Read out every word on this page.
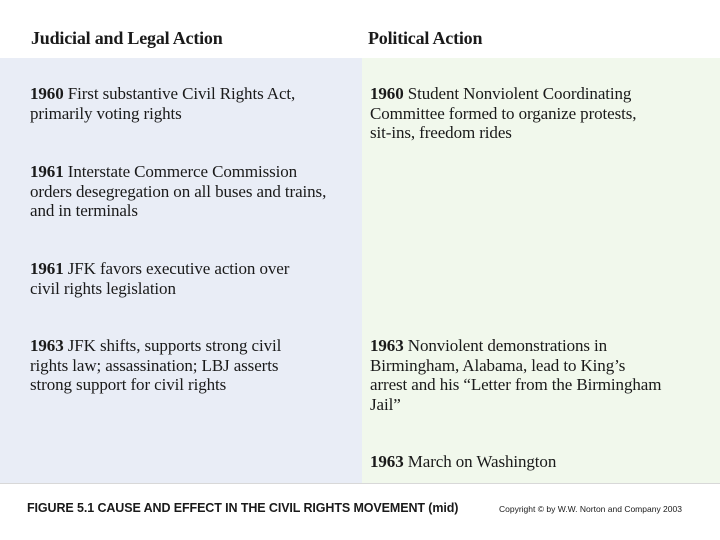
Judicial and Legal Action	Political Action
1960 First substantive Civil Rights Act,
primarily voting rights
1961 Interstate Commerce Commission
orders desegregation on all buses and trains,
and in terminals
1961 JFK favors executive action over
civil rights legislation
1963 JFK shifts, supports strong civil
rights law; assassination; LBJ asserts
strong support for civil rights
1960 Student Nonviolent Coordinating
Committee formed to organize protests,
sit-ins, freedom rides
1963 Nonviolent demonstrations in
Birmingham, Alabama, lead to King’s
arrest and his “Letter from the Birmingham
Jail”
1963 March on Washington
FIGURE 5.1 CAUSE AND EFFECT IN THE CIVIL RIGHTS MOVEMENT (mid)	Copyright © by W.W. Norton and Company 2003
